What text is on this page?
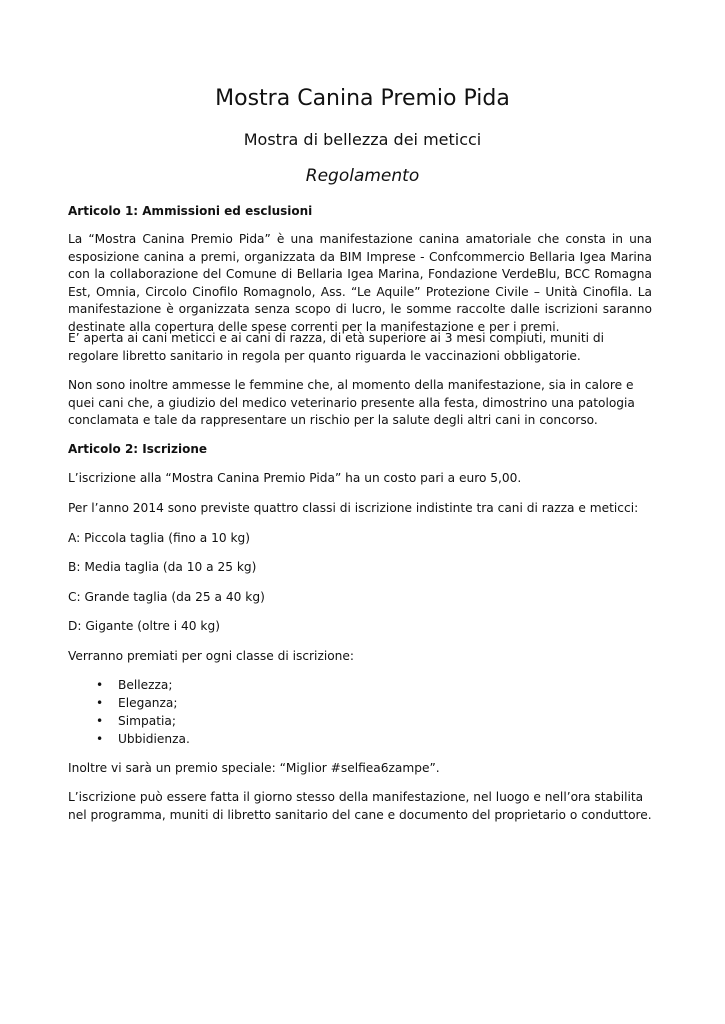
Mostra Canina Premio Pida
Mostra di bellezza dei meticci
Regolamento

Articolo 1: Ammissioni ed esclusioni

La “Mostra Canina Premio Pida” è una manifestazione canina amatoriale che consta in una esposizione canina a premi, organizzata da BIM Imprese - Confcommercio Bellaria Igea Marina con la collaborazione del Comune di Bellaria Igea Marina, Fondazione VerdeBlu, BCC Romagna Est, Omnia, Circolo Cinofilo Romagnolo, Ass. “Le Aquile” Protezione Civile – Unità Cinofila. La manifestazione è organizzata senza scopo di lucro, le somme raccolte dalle iscrizioni saranno destinate alla copertura delle spese correnti per la manifestazione e per i premi.

E’ aperta ai cani meticci e ai cani di razza, di età superiore ai 3 mesi compiuti, muniti di regolare libretto sanitario in regola per quanto riguarda le vaccinazioni obbligatorie.

Non sono inoltre ammesse le femmine che, al momento della manifestazione, sia in calore e quei cani che, a giudizio del medico veterinario presente alla festa, dimostrino una patologia conclamata e tale da rappresentare un rischio per la salute degli altri cani in concorso.

Articolo 2: Iscrizione

L’iscrizione alla “Mostra Canina Premio Pida” ha un costo pari a euro 5,00.

Per l’anno 2014 sono previste quattro classi di iscrizione indistinte tra cani di razza e meticci:

A: Piccola taglia (fino a 10 kg)

B: Media taglia (da 10 a 25 kg)

C: Grande taglia (da 25 a 40 kg)

D: Gigante (oltre i 40 kg)

Verranno premiati per ogni classe di iscrizione:

• Bellezza;
• Eleganza;
• Simpatia;
• Ubbidienza.

Inoltre vi sarà un premio speciale: “Miglior #selfiea6zampe”.

L’iscrizione può essere fatta il giorno stesso della manifestazione, nel luogo e nell’ora stabilita nel programma, muniti di libretto sanitario del cane e documento del proprietario o conduttore.
